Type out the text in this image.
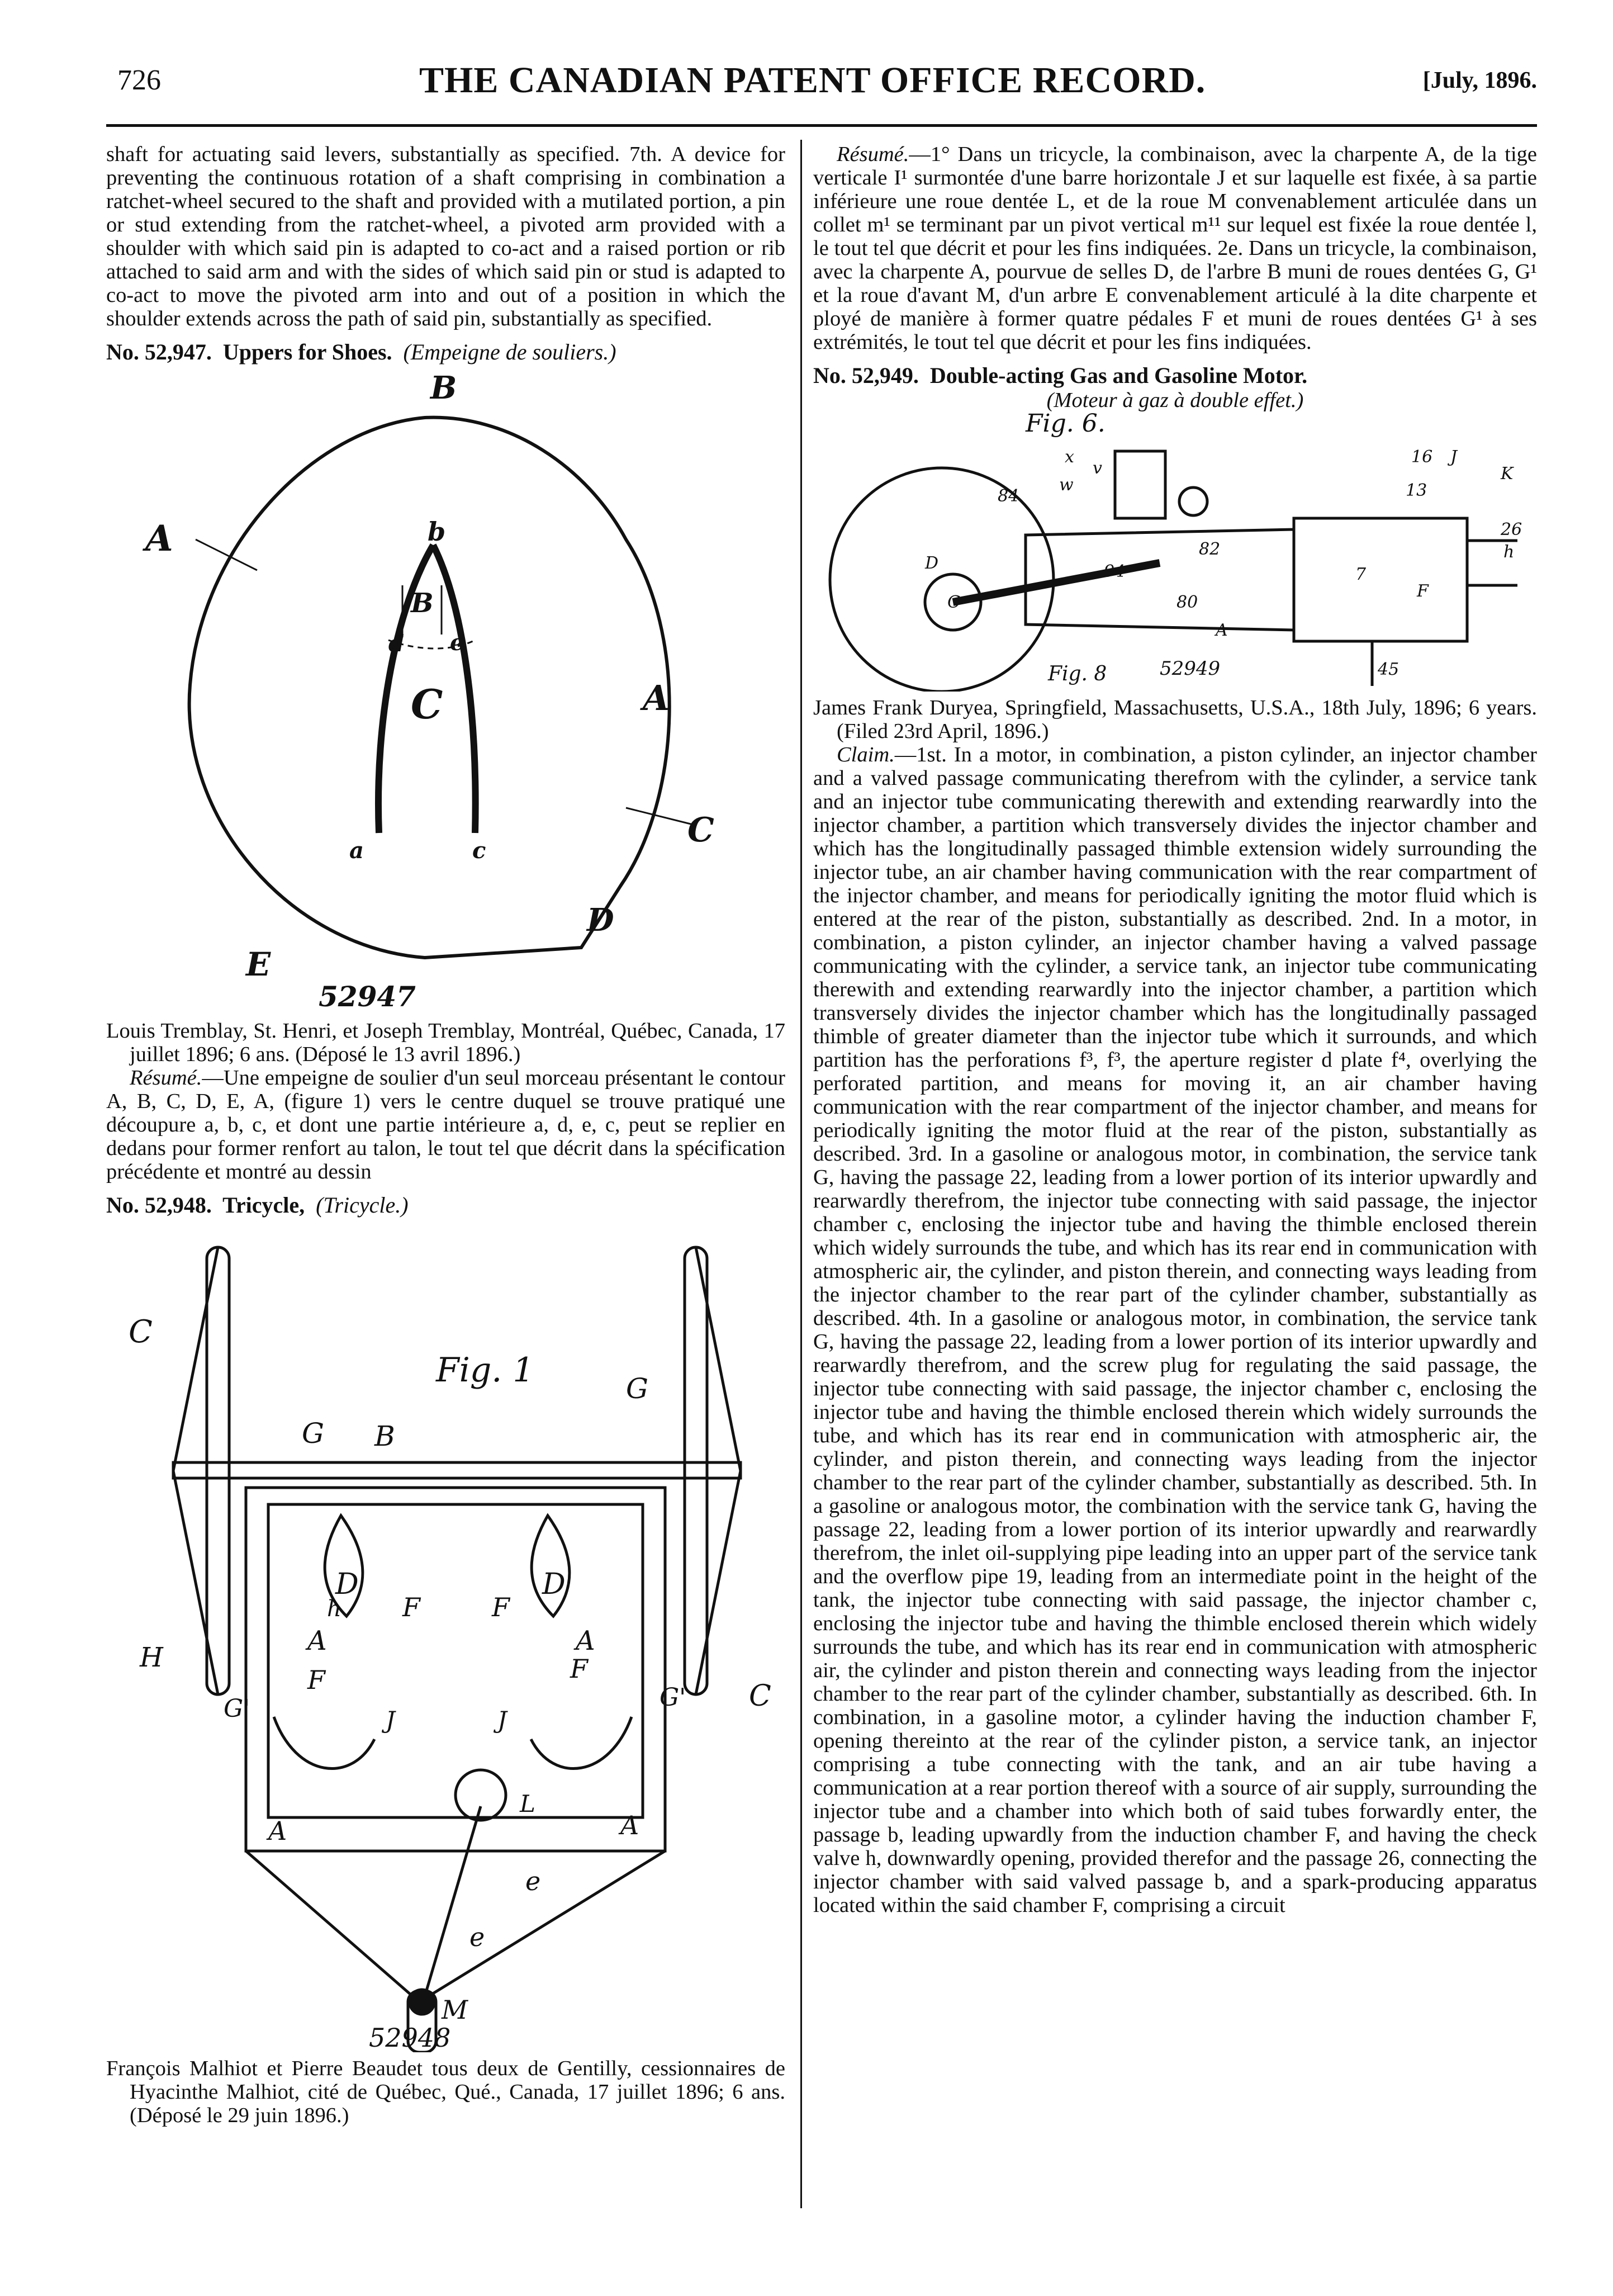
726	THE CANADIAN PATENT OFFICE RECORD.	[July, 1896.

shaft for actuating said levers, substantially as specified. 7th. A device for preventing the continuous rotation of a shaft comprising in combination a ratchet-wheel secured to the shaft and provided with a mutilated portion, a pin or stud extending from the ratchet-wheel, a pivoted arm provided with a shoulder with which said pin is adapted to co-act and a raised portion or rib attached to said arm and with the sides of which said pin or stud is adapted to co-act to move the pivoted arm into and out of a position in which the shoulder extends across the path of said pin, substantially as specified.

No. 52,947. Uppers for Shoes. (Empeigne de souliers.)
B
A	b
B
d e
C	A
a	c
C
D
E
52947

Louis Tremblay, St. Henri, et Joseph Tremblay, Montréal, Québec, Canada, 17 juillet 1896; 6 ans. (Déposé le 13 avril 1896.)

Résumé.—Une empeigne de soulier d'un seul morceau présentant le contour A, B, C, D, E, A, (figure 1) vers le centre duquel se trouve pratiqué une découpure a, b, c, et dont une partie intérieure a, d, e, c, peut se replier en dedans pour former renfort au talon, le tout tel que décrit dans la spécification précédente et montré au dessin

No. 52,948. Tricycle, (Tricycle.)
C
Fig. 1
G B
G
h
D
F	F
D
A	A
H
F	F
G'	G' C
J	J
L
A	A
e
e
M
52948

François Malhiot et Pierre Beaudet tous deux de Gentilly, cessionnaires de Hyacinthe Malhiot, cité de Québec, Qué., Canada, 17 juillet 1896; 6 ans. (Déposé le 29 juin 1896.)

Résumé.—1° Dans un tricycle, la combinaison, avec la charpente A, de la tige verticale I¹ surmontée d'une barre horizontale J et sur laquelle est fixée, à sa partie inférieure une roue dentée L, et de la roue M convenablement articulée dans un collet m¹ se terminant par un pivot vertical m¹¹ sur lequel est fixée la roue dentée l, le tout tel que décrit et pour les fins indiquées. 2e. Dans un tricycle, la combinaison, avec la charpente A, pourvue de selles D, de l'arbre B muni de roues dentées G, G¹ et la roue d'avant M, d'un arbre E convenablement articulé à la dite charpente et ployé de manière à former quatre pédales F et muni de roues dentées G¹ à ses extrémités, le tout tel que décrit et pour les fins indiquées.

No. 52,949. Double-acting Gas and Gasoline Motor.

(Moteur à gaz à double effet.)

Fig. 6.
x
w
v
84
16
13
J
K
26
h
D
C
94
82
7
F
80
A
45
Fig. 8	52949

James Frank Duryea, Springfield, Massachusetts, U.S.A., 18th July, 1896; 6 years. (Filed 23rd April, 1896.)

Claim.—1st. In a motor, in combination, a piston cylinder, an injector chamber and a valved passage communicating therefrom with the cylinder, a service tank and an injector tube communicating therewith and extending rearwardly into the injector chamber, a partition which transversely divides the injector chamber and which has the longitudinally passaged thimble extension widely surrounding the injector tube, an air chamber having communication with the rear compartment of the injector chamber, and means for periodically igniting the motor fluid which is entered at the rear of the piston, substantially as described. 2nd. In a motor, in combination, a piston cylinder, an injector chamber having a valved passage communicating with the cylinder, a service tank, an injector tube communicating therewith and extending rearwardly into the injector chamber, a partition which transversely divides the injector chamber which has the longitudinally passaged thimble of greater diameter than the injector tube which it surrounds, and which partition has the perforations f³, f³, the aperture register d plate f⁴, overlying the perforated partition, and means for moving it, an air chamber having communication with the rear compartment of the injector chamber, and means for periodically igniting the motor fluid at the rear of the piston, substantially as described. 3rd. In a gasoline or analogous motor, in combination, the service tank G, having the passage 22, leading from a lower portion of its interior upwardly and rearwardly therefrom, the injector tube connecting with said passage, the injector chamber c, enclosing the injector tube and having the thimble enclosed therein which widely surrounds the tube, and which has its rear end in communication with atmospheric air, the cylinder, and piston therein, and connecting ways leading from the injector chamber to the rear part of the cylinder chamber, substantially as described. 4th. In a gasoline or analogous motor, in combination, the service tank G, having the passage 22, leading from a lower portion of its interior upwardly and rearwardly therefrom, and the screw plug for regulating the said passage, the injector tube connecting with said passage, the injector chamber c, enclosing the injector tube and having the thimble enclosed therein which widely surrounds the tube, and which has its rear end in communication with atmospheric air, the cylinder, and piston therein, and connecting ways leading from the injector chamber to the rear part of the cylinder chamber, substantially as described. 5th. In a gasoline or analogous motor, the combination with the service tank G, having the passage 22, leading from a lower portion of its interior upwardly and rearwardly therefrom, the inlet oil-supplying pipe leading into an upper part of the service tank and the overflow pipe 19, leading from an intermediate point in the height of the tank, the injector tube connecting with said passage, the injector chamber c, enclosing the injector tube and having the thimble enclosed therein which widely surrounds the tube, and which has its rear end in communication with atmospheric air, the cylinder and piston therein and connecting ways leading from the injector chamber to the rear part of the cylinder chamber, substantially as described. 6th. In combination, in a gasoline motor, a cylinder having the induction chamber F, opening thereinto at the rear of the cylinder piston, a service tank, an injector comprising a tube connecting with the tank, and an air tube having a communication at a rear portion thereof with a source of air supply, surrounding the injector tube and a chamber into which both of said tubes forwardly enter, the passage b, leading upwardly from the induction chamber F, and having the check valve h, downwardly opening, provided therefor and the passage 26, connecting the injector chamber with said valved passage b, and a spark-producing apparatus located within the said chamber F, comprising a circuit
